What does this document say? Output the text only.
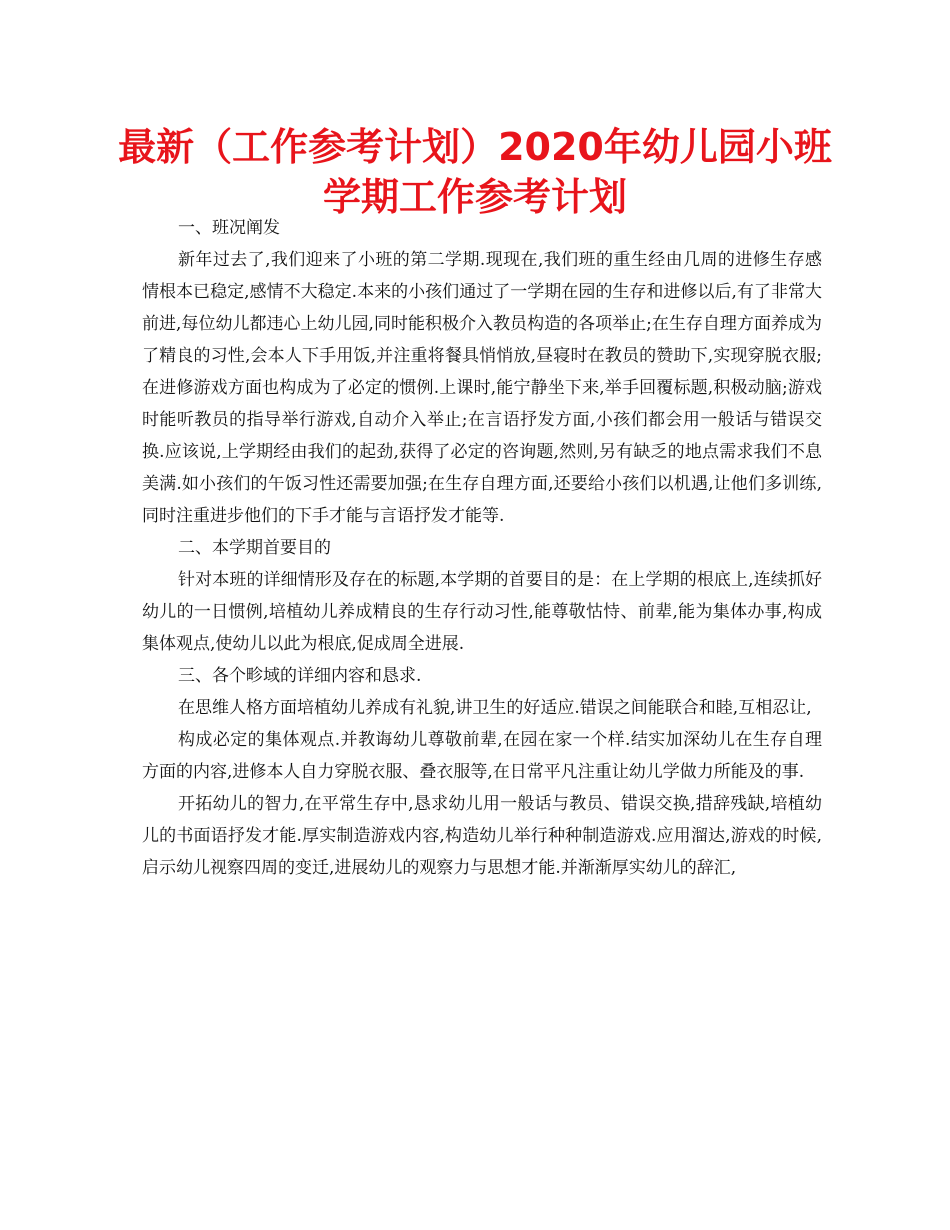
最新（工作参考计划）2020年幼儿园小班
学期工作参考计划

一、班况阐发

新年过去了,我们迎来了小班的第二学期.现现在,我们班的重生经由几周的进修生存感情根本已稳定,感情不大稳定.本来的小孩们通过了一学期在园的生存和进修以后,有了非常大前进,每位幼儿都违心上幼儿园,同时能积极介入教员构造的各项举止;在生存自理方面养成为了精良的习性,会本人下手用饭,并注重将餐具悄悄放,昼寝时在教员的赞助下,实现穿脱衣服;在进修游戏方面也构成为了必定的惯例.上课时,能宁静坐下来,举手回覆标题,积极动脑;游戏时能听教员的指导举行游戏,自动介入举止;在言语抒发方面,小孩们都会用一般话与错误交换.应该说,上学期经由我们的起劲,获得了必定的咨询题,然则,另有缺乏的地点需求我们不息美满.如小孩们的午饭习性还需要加强;在生存自理方面,还要给小孩们以机遇,让他们多训练,同时注重进步他们的下手才能与言语抒发才能等.

二、本学期首要目的

针对本班的详细情形及存在的标题,本学期的首要目的是：在上学期的根底上,连续抓好幼儿的一日惯例,培植幼儿养成精良的生存行动习性,能尊敬怙恃、前辈,能为集体办事,构成集体观点,使幼儿以此为根底,促成周全进展.

三、各个畛域的详细内容和恳求.

在思维人格方面培植幼儿养成有礼貌,讲卫生的好适应.错误之间能联合和睦,互相忍让,

构成必定的集体观点.并教诲幼儿尊敬前辈,在园在家一个样.结实加深幼儿在生存自理方面的内容,进修本人自力穿脱衣服、叠衣服等,在日常平凡注重让幼儿学做力所能及的事.

开拓幼儿的智力,在平常生存中,恳求幼儿用一般话与教员、错误交换,措辞残缺,培植幼儿的书面语抒发才能.厚实制造游戏内容,构造幼儿举行种种制造游戏.应用溜达,游戏的时候,启示幼儿视察四周的变迁,进展幼儿的观察力与思想才能.并渐渐厚实幼儿的辞汇,
